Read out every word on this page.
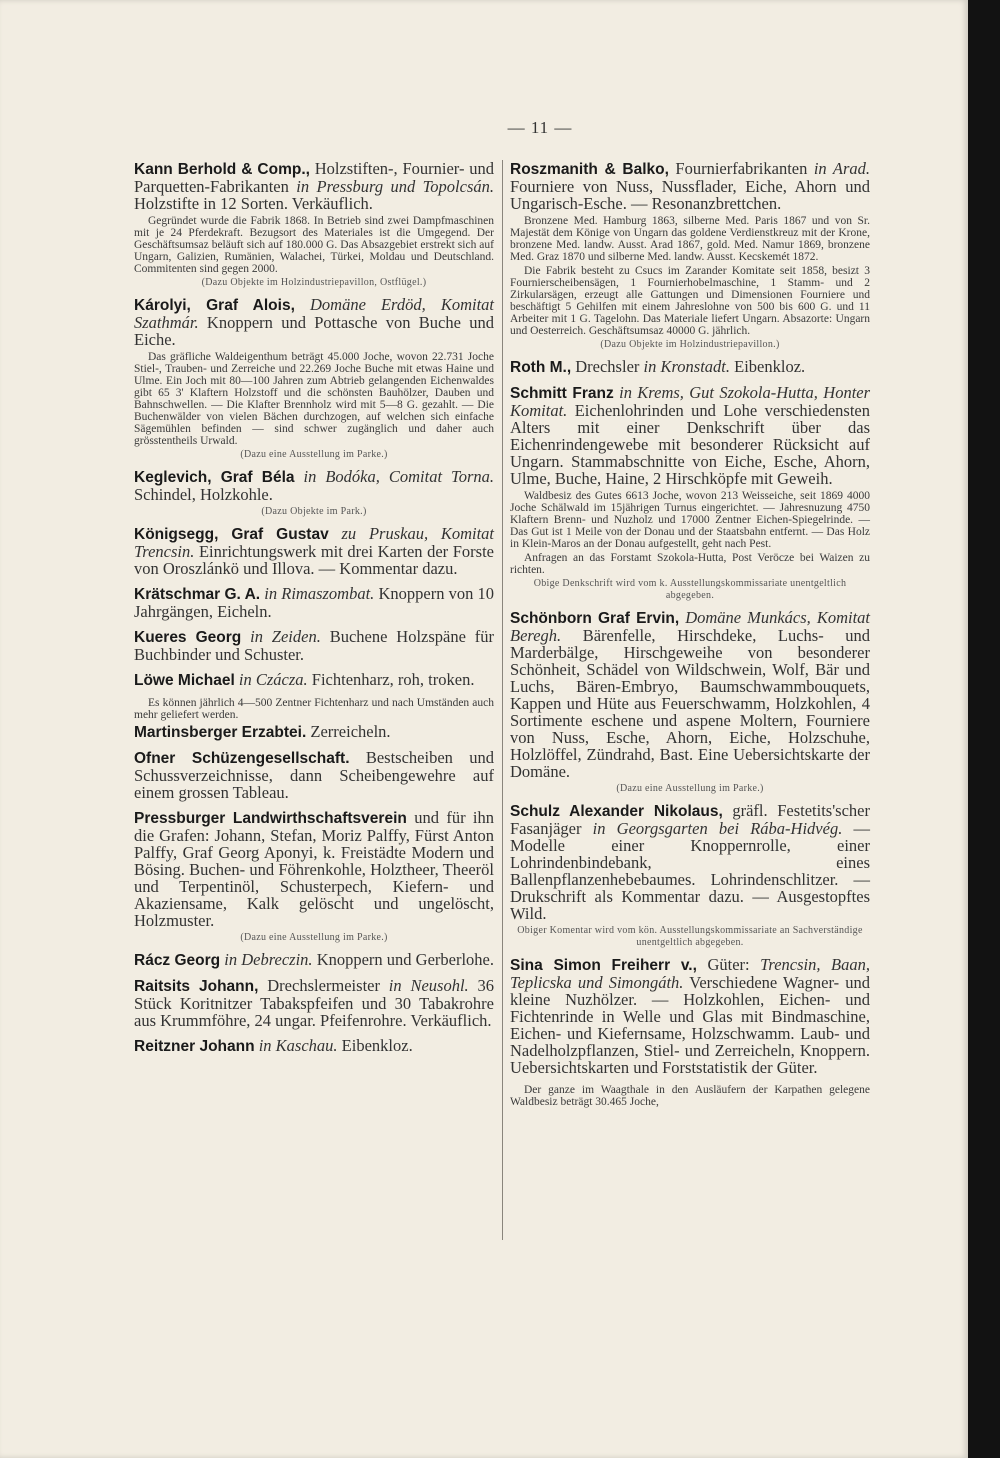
— 11 —

Kann Berhold & Comp., Holzstiften-, Fournier- und Parquetten-Fabrikanten in Pressburg und Topolcsán. Holzstifte in 12 Sorten. Verkäuflich.

Gegründet wurde die Fabrik 1868. In Betrieb sind zwei Dampfmaschinen mit je 24 Pferdekraft. Bezugsort des Materiales ist die Umgegend. Der Geschäftsumsaz beläuft sich auf 180.000 G. Das Absazgebiet erstrekt sich auf Ungarn, Galizien, Rumänien, Walachei, Türkei, Moldau und Deutschland. Commitenten sind gegen 2000.

(Dazu Objekte im Holzindustriepavillon, Ostflügel.)

Károlyi, Graf Alois, Domäne Erdöd, Komitat Szathmár. Knoppern und Pottasche von Buche und Eiche.

Das gräfliche Waldeigenthum beträgt 45.000 Joche, wovon 22.731 Joche Stiel-, Trauben- und Zerreiche und 22.269 Joche Buche mit etwas Haine und Ulme. Ein Joch mit 80—100 Jahren zum Abtrieb gelangenden Eichenwaldes gibt 65 3' Klaftern Holzstoff und die schönsten Bauhölzer, Dauben und Bahnschwellen. — Die Klafter Brennholz wird mit 5—8 G. gezahlt. — Die Buchenwälder von vielen Bächen durchzogen, auf welchen sich einfache Sägemühlen befinden — sind schwer zugänglich und daher auch grösstentheils Urwald.

(Dazu eine Ausstellung im Parke.)

Keglevich, Graf Béla in Bodóka, Comitat Torna. Schindel, Holzkohle.

(Dazu Objekte im Park.)

Königsegg, Graf Gustav zu Pruskau, Komitat Trencsin. Einrichtungswerk mit drei Karten der Forste von Oroszlánkö und Illova. — Kommentar dazu.

Krätschmar G. A. in Rimaszombat. Knoppern von 10 Jahrgängen, Eicheln.

Kueres Georg in Zeiden. Buchene Holzspäne für Buchbinder und Schuster.

Löwe Michael in Czácza. Fichtenharz, roh, troken.

Es können jährlich 4—500 Zentner Fichtenharz und nach Umständen auch mehr geliefert werden.

Martinsberger Erzabtei. Zerreicheln.

Ofner Schüzengesellschaft. Bestscheiben und Schussverzeichnisse, dann Scheibengewehre auf einem grossen Tableau.

Pressburger Landwirthschaftsverein und für ihn die Grafen: Johann, Stefan, Moriz Palffy, Fürst Anton Palffy, Graf Georg Aponyi, k. Freistädte Modern und Bösing. Buchen- und Föhrenkohle, Holztheer, Theeröl und Terpentinöl, Schusterpech, Kiefern- und Akaziensame, Kalk gelöscht und ungelöscht, Holzmuster.

(Dazu eine Ausstellung im Parke.)

Rácz Georg in Debreczin. Knoppern und Gerberlohe.

Raitsits Johann, Drechslermeister in Neusohl. 36 Stück Koritnitzer Tabakspfeifen und 30 Tabakrohre aus Krummföhre, 24 ungar. Pfeifenrohre. Verkäuflich.

Reitzner Johann in Kaschau. Eibenkloz.

Roszmanith & Balko, Fournierfabrikanten in Arad. Fourniere von Nuss, Nussflader, Eiche, Ahorn und Ungarisch-Esche. — Resonanzbrettchen.

Bronzene Med. Hamburg 1863, silberne Med. Paris 1867 und von Sr. Majestät dem Könige von Ungarn das goldene Verdienstkreuz mit der Krone, bronzene Med. landw. Ausst. Arad 1867, gold. Med. Namur 1869, bronzene Med. Graz 1870 und silberne Med. landw. Ausst. Kecskemét 1872.

Die Fabrik besteht zu Csucs im Zarander Komitate seit 1858, besizt 3 Fournierscheibensägen, 1 Fournierhobelmaschine, 1 Stamm- und 2 Zirkularsägen, erzeugt alle Gattungen und Dimensionen Fourniere und beschäftigt 5 Gehilfen mit einem Jahreslohne von 500 bis 600 G. und 11 Arbeiter mit 1 G. Tagelohn. Das Materiale liefert Ungarn. Absazorte: Ungarn und Oesterreich. Geschäftsumsaz 40000 G. jährlich.

(Dazu Objekte im Holzindustriepavillon.)

Roth M., Drechsler in Kronstadt. Eibenkloz.

Schmitt Franz in Krems, Gut Szokola-Hutta, Honter Komitat. Eichenlohrinden und Lohe verschiedensten Alters mit einer Denkschrift über das Eichenrindengewebe mit besonderer Rücksicht auf Ungarn. Stammabschnitte von Eiche, Esche, Ahorn, Ulme, Buche, Haine, 2 Hirschköpfe mit Geweih.

Waldbesiz des Gutes 6613 Joche, wovon 213 Weisseiche, seit 1869 4000 Joche Schälwald im 15jährigen Turnus eingerichtet. — Jahresnuzung 4750 Klaftern Brenn- und Nuzholz und 17000 Zentner Eichen-Spiegelrinde. — Das Gut ist 1 Meile von der Donau und der Staatsbahn entfernt. — Das Holz in Klein-Maros an der Donau aufgestellt, geht nach Pest.

Anfragen an das Forstamt Szokola-Hutta, Post Veröcze bei Waizen zu richten.

Obige Denkschrift wird vom k. Ausstellungskommissariate unentgeltlich abgegeben.

Schönborn Graf Ervin, Domäne Munkács, Komitat Beregh. Bärenfelle, Hirschdeke, Luchs- und Marderbälge, Hirschgeweihe von besonderer Schönheit, Schädel von Wildschwein, Wolf, Bär und Luchs, Bären-Embryo, Baumschwammbouquets, Kappen und Hüte aus Feuerschwamm, Holzkohlen, 4 Sortimente eschene und aspene Moltern, Fourniere von Nuss, Esche, Ahorn, Eiche, Holzschuhe, Holzlöffel, Zündrahd, Bast. Eine Uebersichtskarte der Domäne.

(Dazu eine Ausstellung im Parke.)

Schulz Alexander Nikolaus, gräfl. Festetits'scher Fasanjäger in Georgsgarten bei Rába-Hidvég. — Modelle einer Knoppernrolle, einer Lohrindenbindebank, eines Ballenpflanzenhebebaumes. Lohrindenschlitzer. — Drukschrift als Kommentar dazu. — Ausgestopftes Wild.

Obiger Komentar wird vom kön. Ausstellungskommissariate an Sachverständige unentgeltlich abgegeben.

Sina Simon Freiherr v., Güter: Trencsin, Baan, Teplicska und Simongáth. Verschiedene Wagner- und kleine Nuzhölzer. — Holzkohlen, Eichen- und Fichtenrinde in Welle und Glas mit Bindmaschine, Eichen- und Kiefernsame, Holzschwamm. Laub- und Nadelholzpflanzen, Stiel- und Zerreicheln, Knoppern. Uebersichtskarten und Forststatistik der Güter.

Der ganze im Waagthale in den Ausläufern der Karpathen gelegene Waldbesiz beträgt 30.465 Joche,
